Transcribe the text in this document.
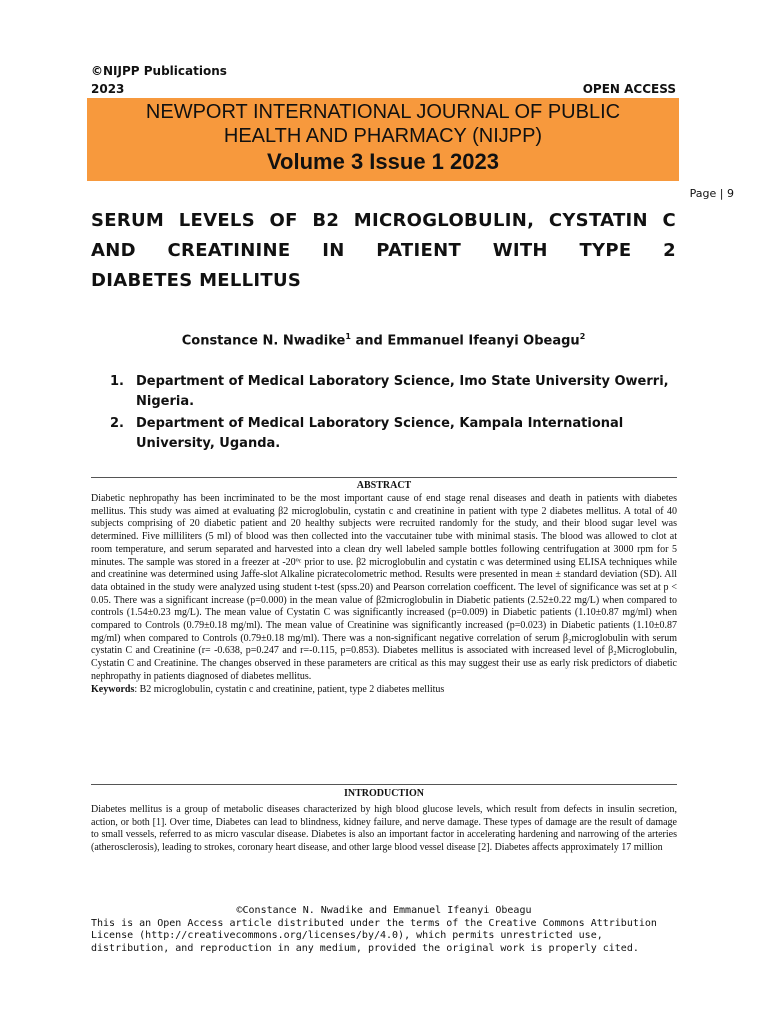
©NIJPP Publications
2023	OPEN ACCESS
NEWPORT INTERNATIONAL JOURNAL OF PUBLIC
HEALTH AND PHARMACY (NIJPP)
Volume 3 Issue 1 2023
Page | 9
SERUM LEVELS OF B2 MICROGLOBULIN, CYSTATIN C
AND CREATININE IN PATIENT WITH TYPE 2
DIABETES MELLITUS
Constance N. Nwadike$^1$ and Emmanuel Ifeanyi Obeagu$^2$
1. Department of Medical Laboratory Science, Imo State University Owerri, Nigeria.
2. Department of Medical Laboratory Science, Kampala International University, Uganda.
ABSTRACT
Diabetic nephropathy has been incriminated to be the most important cause of end stage renal diseases and death in patients with diabetes mellitus. This study was aimed at evaluating β2 microglobulin, cystatin c and creatinine in patient with type 2 diabetes mellitus. A total of 40 subjects comprising of 20 diabetic patient and 20 healthy subjects were recruited randomly for the study, and their blood sugar level was determined. Five milliliters (5 ml) of blood was then collected into the vaccutainer tube with minimal stasis. The blood was allowed to clot at room temperature, and serum separated and harvested into a clean dry well labeled sample bottles following centrifugation at 3000 rpm for 5 minutes. The sample was stored in a freezer at -20ºᶜ prior to use. β2 microglobulin and cystatin c was determined using ELISA techniques while and creatinine was determined using Jaffe-slot Alkaline picratecolometric method. Results were presented in mean ± standard deviation (SD). All data obtained in the study were analyzed using student t-test (spss.20) and Pearson correlation coefficent. The level of significance was set at p < 0.05. There was a significant increase (p=0.000) in the mean value of β2microglobulin in Diabetic patients (2.52±0.22 mg/L) when compared to controls (1.54±0.23 mg/L). The mean value of Cystatin C was significantly increased (p=0.009) in Diabetic patients (1.10±0.87 mg/ml) when compared to Controls (0.79±0.18 mg/ml). The mean value of Creatinine was significantly increased (p=0.023) in Diabetic patients (1.10±0.87 mg/ml) when compared to Controls (0.79±0.18 mg/ml). There was a non-significant negative correlation of serum β₂microglobulin with serum cystatin C and Creatinine (r= -0.638, p=0.247 and r=-0.115, p=0.853). Diabetes mellitus is associated with increased level of β₂Microglobulin, Cystatin C and Creatinine. The changes observed in these parameters are critical as this may suggest their use as early risk predictors of diabetic nephropathy in patients diagnosed of diabetes mellitus.
Keywords: B2 microglobulin, cystatin c and creatinine, patient, type 2 diabetes mellitus
INTRODUCTION
Diabetes mellitus is a group of metabolic diseases characterized by high blood glucose levels, which result from defects in insulin secretion, action, or both [1]. Over time, Diabetes can lead to blindness, kidney failure, and nerve damage. These types of damage are the result of damage to small vessels, referred to as micro vascular disease. Diabetes is also an important factor in accelerating hardening and narrowing of the arteries (atherosclerosis), leading to strokes, coronary heart disease, and other large blood vessel disease [2]. Diabetes affects approximately 17 million
©Constance N. Nwadike and Emmanuel Ifeanyi Obeagu
This is an Open Access article distributed under the terms of the Creative Commons Attribution License (http://creativecommons.org/licenses/by/4.0), which permits unrestricted use, distribution, and reproduction in any medium, provided the original work is properly cited.
